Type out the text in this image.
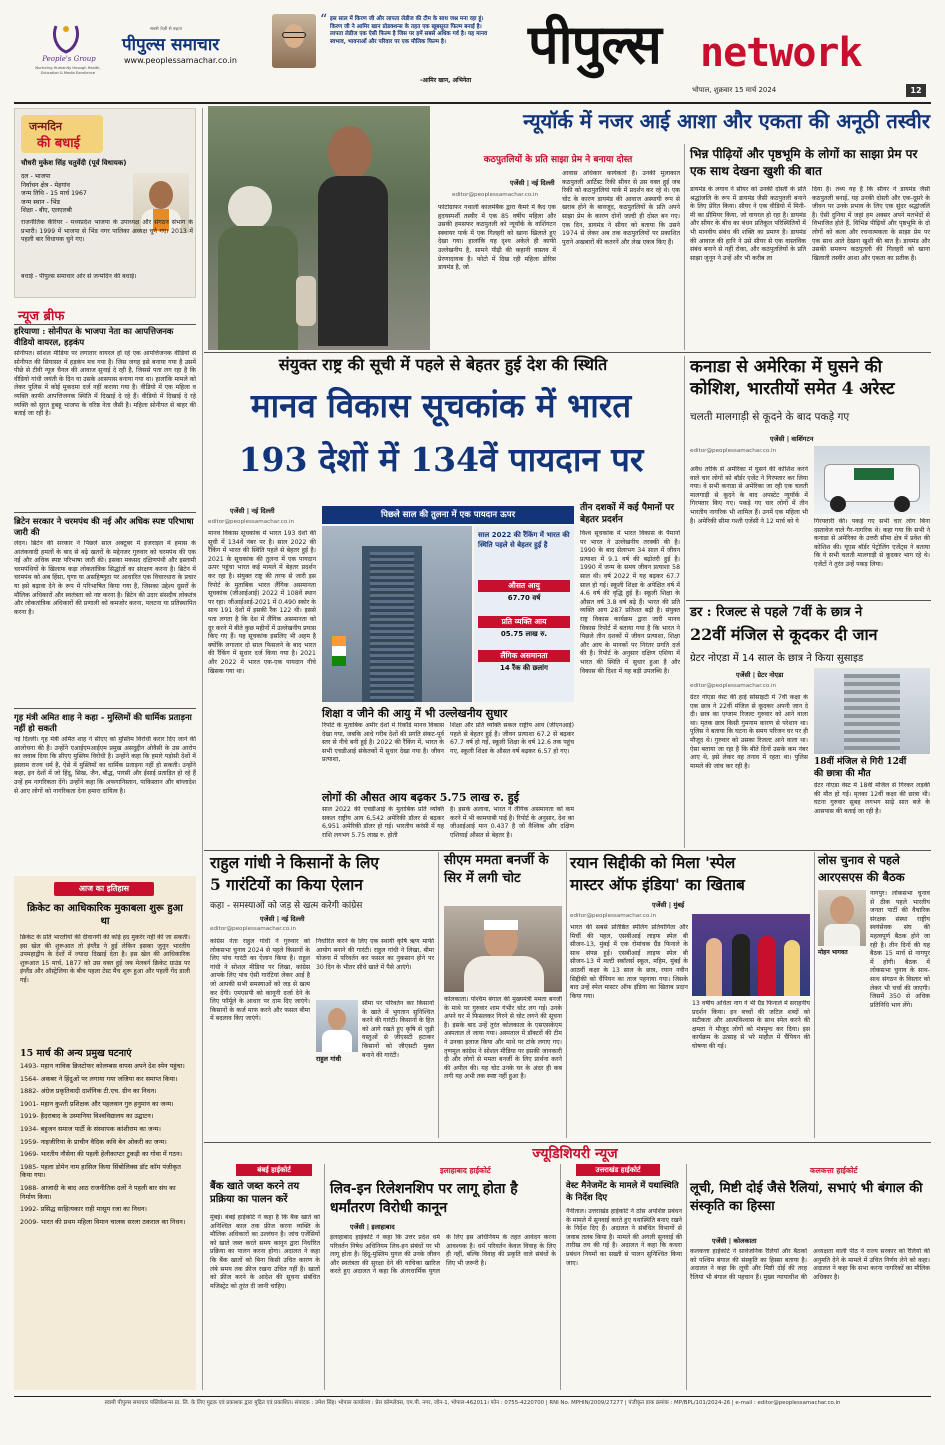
People's Group
Nurturing Humanity through Health, Education & Media Excellence
सबसे तेज़ी से बढ़ता
पीपुल्स समाचार
www.peoplessamachar.co.in
“ इस साल में किरण जी और लापता लेडीज की टीम के साथ जश्न मना रहा हूं। किरण जी ने आमिर खान प्रोडक्शन्स के तहत एक खूबसूरत फिल्म बनाई है। लापता लेडीज एक ऐसी फिल्म है जिस पर हमें सबसे अधिक गर्व है। यह मानव स्वभाव, भावनाओं और परिवार पर एक मौलिक फिल्म है।
-आमिर खान, अभिनेता
पीपुल्स network
भोपाल, शुक्रवार 15 मार्च 2024	12
जन्मदिन
की बधाई
चौधरी मुकेश सिंह चतुर्वेदी (पूर्व विधायक)
दल - भाजपा
निर्वाचन क्षेत्र - मेहगांव
जन्म तिथि - 15 मार्च 1967
जन्म स्थान - भिंड
शिक्षा - बीए, एलएलबी
राजनीतिक कॅरियर - मध्यप्रदेश भाजपा के उपाध्यक्ष और संगठन संभाग के प्रभारी। 1999 में भाजपा से भिंड नगर पालिका अध्यक्ष चुने गए। 2013 में पहली बार विधायक चुने गए।
बधाई - पीपुल्स समाचार ओर से जन्मदिन की बधाई।
न्यूज ब्रीफ
हरियाणा : सोनीपत के भाजपा नेता का आपत्तिजनक वीडियो वायरल, हड़कंप
सोनीपत। सोशल मीडिया पर लगातार वायरल हो रहे एक आपत्तिजनक वीडियो से सोनीपत की सियासत में हड़कंप मच गया है। जिस जगह इसे बनाया गया है उसमें पीछे से टीवी न्यूज चैनल की आवाज सुनाई दे रही है, जिससे पता लग रहा है कि वीडियो गांधी जयंती के दिन या उसके आसपास बनाया गया था। हालांकि मामले को लेकर पुलिस में कोई मुकदमा दर्ज नहीं कराया गया है। वीडियो में एक महिला व व्यक्ति काफी आपत्तिजनक स्थिति में दिखाई दे रहे हैं। वीडियो में दिखाई दे रहे व्यक्ति को सुरत हुबहू भाजपा के वरिष्ठ नेता जैसी है। महिला सोनीपत से बाहर की बताई जा रही है।
ब्रिटेन सरकार ने चरमपंथ की नई और अधिक स्पष्ट परिभाषा जारी की
लंदन। ब्रिटेन की सरकार ने पिछले साल अक्टूबर में इजराइल में हमास के आतंकवादी हमलों के बाद से बढ़े खतरों के मद्देनजर गुरुवार को चरमपंथ की एक नई और अधिक स्पष्ट परिभाषा जारी की। इसका मकसद दक्षिणपंथी और इस्लामी चरमपंथियों के खिलाफ कड़ा लोकतांत्रिक सिद्धांतों का संरक्षण करना है। ब्रिटेन में चरमपंथ को अब हिंसा, घृणा या असहिष्णुता पर आधारित एक विचारधारा के प्रचार या इसे बढ़ावा देने के रूप में परिभाषित किया गया है, जिसका उद्देश्य दूसरों के मौलिक अधिकारों और स्वतंत्रता को नष्ट करना है। ब्रिटेन की उदार संसदीय लोकतंत्र और लोकतांत्रिक अधिकारों की प्रणाली को कमजोर करना, पलटना या प्रतिस्थापित करना है।
गृह मंत्री अमित शाह ने कहा - मुस्लिमों की धार्मिक प्रताड़ना नहीं हो सकती
नई दिल्ली। गृह मंत्री अमित शाह ने सीएए को मुस्लिम विरोधी करार दिए जाने की आलोचना की है। उन्होंने एआईएमआईएम प्रमुख असदुद्दीन ओवैसी के उस आरोप का जवाब दिया कि सीएए मुस्लिम विरोधी है। उन्होंने कहा कि हमारे पड़ोसी देशों में इस्लाम राज्य धर्म है, ऐसे में मुस्लिमों का धार्मिक प्रताड़ना नहीं हो सकती। उन्होंने कहा, इन देशों में जो हिंदू, सिख, जैन, बौद्ध, पारसी और ईसाई प्रताड़ित हो रहे हैं उन्हें हम नागरिकता देंगे। उन्होंने कहा कि अफगानिस्तान, पाकिस्तान और बांग्लादेश से आए लोगों को नागरिकता देना हमारा दायित्व है।
आज का इतिहास
क्रिकेट का आधिकारिक मुकाबला शुरू हुआ था
क्रिकेट के प्रति भारतीयों की दीवानगी की कोई हद मुकर्रर नहीं की जा सकती। इस खेल की शुरूआत तो इंग्लैंड ने हुई लेकिन इसका जुनून भारतीय उपमहाद्वीप के देशों में ज्यादा दिखाई देता है। इस खेल की आधिकारिक शुरूआत 15 मार्च, 1877 को उस वक्त हुई जब मेलबर्न क्रिकेट ग्राउंड पर इंग्लैंड और ऑस्ट्रेलिया के बीच पहला टेस्ट मैच शुरू हुआ और पहली गेंद डाली गई।
15 मार्च की अन्य प्रमुख घटनाएं
1493- महान नाविक क्रिस्टोफर कोलम्बस वापस अपने देश स्पेन पहुंचा।
1564- अकबर ने हिंदुओं पर लगाया गया जजिया कर समाप्त किया।
1882- अंग्रेज प्रकृतिवादी दार्शनिक टी.एच. ग्रीन का निधन।
1901- महान कुश्ती प्रशिक्षक और पहलवान गुरु हनुमान का जन्म।
1919- हैदराबाद के उस्मानिया विश्वविद्यालय का उद्घाटन।
1934- बहुजन समाज पार्टी के संस्थापक कांशीराम का जन्म।
1959- नाइजीरिया के प्राचीन वैदिक कवि बेन ओकरी का जन्म।
1969- भारतीय नौसेना की पहली हेलीकाप्टर टुकड़ी का गोवा में गठन।
1985- पहला डोमेन नाम हासिल किया सिंबोलिक्स डॉट कॉम पंजीकृत किया गया।
1988- आजादी के बाद आठ राजनीतिक दलों ने पहली बार संघ का निर्माण किया।
1992- प्रसिद्ध साहित्यकार राही मासूम रजा का निधन।
2009- भारत की प्रथम महिला विमान चालक सरला ठकराल का निधन।
न्यूयॉर्क में नजर आई आशा और एकता की अनूठी तस्वीर
कठपुतलियों के प्रति साझा प्रेम ने बनाया दोस्त
एजेंसी | नई दिल्ली
editor@peoplessamachar.co.in
फोटोग्राफर नथाली कालमेबैक द्वारा कैमरे में कैद एक हृदयस्पर्शी तस्वीर में एक 85 वर्षीय महिला और उसकी हमसफर कठपुतली को न्यूयॉर्क के वाशिंगटन स्क्वायर पार्क में एक गिलहरी को खाना खिलाते हुए देखा गया। हालांकि यह दृश्य अकेले ही काफी उल्लेखनीय है, सामने पीढ़ी की कहानी वास्तव में प्रेरणादायक है। फोटो में दिख रही महिला डोरिस डायमंड है, जो
आवास अधिकार कार्यकर्ता हैं। उनकी मुलाकात कठपुतली आर्टिस्ट रिकी सीयर से उस वक्त हुई जब रिकी को कठपुतलियां पार्क में प्रदर्शन कर रहे थे। एक चोट के कारण डायमंड की आवाज अस्थायी रूप से खराब होने के बावजूद, कठपुतलियों के प्रति अपने साझा प्रेम के कारण दोनों जल्दी ही दोस्त बन गए। एक दिन, डायमंड ने सीयर को बताया कि उसने 1974 से लेकर अब तक कठपुतलियों पर प्रकाशित पुराने अखबारों की कतरनें और लेख एकत्र किए हैं।
भिन्न पीढ़ियों और पृष्ठभूमि के लोगों का साझा प्रेम पर एक साथ देखना खुशी की बात
डायमंड के लगाव ने सीयर को उनकी दोस्ती के प्रति श्रद्धांजलि के रूप में डायमंड जैसी कठपुतली बनाने के लिए प्रेरित किया। सीयर ने एक वीडियो में मिनी-मी का प्रीमियर किया, जो वायरल हो रहा है। डायमंड और सीयर के बीच का बंधन प्रतिकूल परिस्थितियों में भी मानवीय संबंध की शक्ति का प्रमाण है। डायमंड की आवाज की हानि ने उसे सीयर से एक वास्तविक संबंध बनाने से नहीं रोका, और कठपुतलियों के प्रति साझा जुनून ने उन्हें और भी करीब ला
दिया है। तथ्य यह है कि सीयर ने डायमंड जैसी कठपुतली बनाई, यह उनकी दोस्ती और एक-दूसरे के जीवन पर उनके प्रभाव के लिए एक सुंदर श्रद्धांजलि है। ऐसी दुनिया में जहां हम अक्सर अपने मतभेदों से विभाजित होते हैं, विभिन्न पीढ़ियों और पृष्ठभूमि के दो लोगों को कला और रचनात्मकता के साझा प्रेम पर एक साथ आते देखना खुशी की बात है। डायमंड और उसकी समरूप कठपुतली की गिलहरी को खाना खिलाती तस्वीर आशा और एकता का प्रतीक है।
संयुक्त राष्ट्र की सूची में पहले से बेहतर हुई देश की स्थिति
मानव विकास सूचकांक में भारत
193 देशों में 134वें पायदान पर
एजेंसी | नई दिल्ली
editor@peoplessamachar.co.in
मानव विकास सूचकांक में भारत 193 देशों की सूची में 134वें नंबर पर है। साल 2022 की रैंकिंग में भारत की स्थिति पहले से बेहतर हुई है। 2021 के सूचकांक की तुलना में एक पायदान ऊपर पहुंचा भारत कई मामले में बेहतर प्रदर्शन कर रहा है। संयुक्त राष्ट्र की तरफ से जारी इस रिपोर्ट के मुताबिक भारत लैंगिक असमानता सूचकांक (जीआईआई) 2022 में 108वें स्थान पर रहा। जीआईआई-2021 में 0.490 स्कोर के साथ 191 देशों में इसकी रैंक 122 थी। इससे पता लगता है कि देश में लैंगिक असमानता को दूर करने में बीते कुछ महीनों में उल्लेखनीय प्रयास किए गए हैं। यह सूचकांक इसलिए भी अहम है क्योंकि लगातार दो साल फिसलने के बाद भारत की रैंकिंग में सुधार दर्ज किया गया है। 2021 और 2022 में भारत एक-एक पायदान नीचे खिसक गया था।
पिछले साल की तुलना में एक पायदान ऊपर
साल 2022 की रैंकिंग में भारत की स्थिति पहले से बेहतर हुई है
औसत आयु
67.70 वर्ष
प्रति व्यक्ति आय
05.75 लाख रु.
लैंगिक असमानता
14 रैंक की छलांग
शिक्षा व जीने की आयु में भी उल्लेखनीय सुधार
रिपोर्ट के मुताबिक अमीर देशों में रिकॉर्ड मानव विकास देखा गया, जबकि आधे गरीब देशों की प्रगति संकट-पूर्व स्तर से नीचे बनी हुई है। 2022 की रैंकिंग में, भारत के सभी एचडीआई संकेतकों में सुधार देखा गया है। जीवन प्रत्याशा,
शिक्षा और प्रति व्यक्ति सकल राष्ट्रीय आय (जीएनआई) पहले से बेहतर हुई है। जीवन प्रत्याशा 67.2 से बढ़कर 67.7 वर्ष हो गई, स्कूली शिक्षा के वर्ष 12.6 तक पहुंच गए, स्कूली शिक्षा के औसत वर्ष बढ़कर 6.57 हो गए।
लोगों की औसत आय बढ़कर 5.75 लाख रु. हुई
साल 2022 की एचडीआई के मुताबिक प्रति व्यक्ति सकल राष्ट्रीय आय 6,542 अमेरिकी डॉलर से बढ़कर 6,951 अमेरिकी डॉलर हो गई। भारतीय करंसी में यह राशि लगभग 5.75 लाख रु. होती
है। इसके अलावा, भारत ने लैंगिक असमानता को कम करने में भी कामयाबी पाई है। रिपोर्ट के अनुसार, देश का जीआईआई मान 0.437 है जो वैश्विक और दक्षिण एशियाई औसत से बेहतर है।
तीन दशकों में कई पैमानों पर बेहतर प्रदर्शन
विश्व सूचकांक में भारत विकास के पैमानों पर भारत ने उल्लेखनीय तरक्की की है। 1990 के बाद सेलाभग 34 साल में जीवन प्रत्याशा में 9.1 वर्ष की बढ़ोतरी हुई है। 1990 में जन्म के समय जीवन प्रत्याशा 58 साल थी। वर्ष 2022 में यह बढ़कर 67.7 साल हो गई। स्कूली शिक्षा के अपेक्षित वर्ष में 4.6 वर्ष की वृद्धि हुई है। स्कूली शिक्षा के औसत वर्ष 3.8 वर्ष बढ़े हैं। भारत की प्रति व्यक्ति आय 287 प्रतिशत बढ़ी है। संयुक्त राष्ट्र विकास कार्यक्रम द्वारा जारी मानव विकास रिपोर्ट में बताया गया है कि भारत ने पिछले तीन दशकों में जीवन प्रत्याशा, शिक्षा और आय के मानकों पर निरंतर प्रगति दर्ज की है। रिपोर्ट के अनुसार दक्षिण एशिया में भारत की स्थिति में सुधार हुआ है और विकास की दिशा में यह बड़ी उपलब्धि है।
कनाडा से अमेरिका में घुसने की कोशिश, भारतीयों समेत 4 अरेस्ट
चलती मालगाड़ी से कूदने के बाद पकड़े गए
एजेंसी | वाशिंगटन
editor@peoplessamachar.co.in
अवैध तरीके से अमेरिका में घुसने की कोशिश करने वाले चार लोगों को बॉर्डर एजेंट ने गिरफ्तार कर लिया गया। वे सभी कनाडा से अमेरिका जा रही एक चलती मालगाड़ी से कूदने के बाद अपस्टेट न्यूयॉर्क में गिरफ्तार किए गए। पकड़े गए चार लोगों में तीन भारतीय नागरिक भी शामिल हैं। उनमें एक महिला भी है। अमेरिकी सीमा गश्ती एजेंसी ने 12 मार्च को ये	गिरफ्तारी की। पकड़े गए सभी चार लोग बिना दस्तावेज वाले गैर-नागरिक थे। कहा गया कि सभी ने कनाडा से अमेरिका के उत्तरी सीमा क्षेत्र में प्रवेश की कोशिश की। यूएस बॉर्डर पेट्रोलिंग एजेंट्स ने बताया कि ये सभी चलती मालगाड़ी से कूदकर भाग रहे थे। एजेंटों ने तुरंत उन्हें पकड़ लिया।
डर : रिजल्ट से पहले 7वीं के छात्र ने
22वीं मंजिल से कूदकर दी जान
ग्रेटर नोएडा में 14 साल के छात्र ने किया सुसाइड
एजेंसी | ग्रेटर नोएडा
editor@peoplessamachar.co.in
ग्रेटर नोएडा वेस्ट की हाई सोसाइटी में 7वीं कक्षा के एक छात्र ने 22वीं मंजिल से कूदकर अपनी जान दे दी। छात्र का एग्जाम रिजल्ट गुरुवार को आने वाला था। मृतक छात्र किसी गुमनाम कारण से परेशान था। पुलिस ने बताया कि घटना के समय परिजन घर पर ही मौजूद थे। गुरुवार को उसका रिजल्ट आने वाला था। ऐसा बताया जा रहा है कि बीते दिनों उसके कम नंबर आए थे, इसे लेकर वह तनाव में रहता था। पुलिस मामले की जांच कर रही है।	18वीं मंजिल से गिरी 12वीं
की छात्रा की मौत
ग्रेटर नोएडा वेस्ट में 18वीं मंजिल से गिरकर लड़की की मौत हो गई। मृतका 12वीं कक्षा की छात्रा थी। घटना गुरुवार सुबह लगभग साढ़े सात बजे के आसपास की बताई जा रही है।
राहुल गांधी ने किसानों के लिए
5 गारंटियों का किया ऐलान
कहा - समस्याओं को जड़ से खत्म करेगी कांग्रेस
एजेंसी | नई दिल्ली
editor@peoplessamachar.co.in
कांग्रेस नेता राहुल गांधी ने गुरुवार को लोकसभा चुनाव 2024 से पहले किसानों के लिए पांच गारंटी का ऐलान किया है। राहुल गांधी ने सोशल मीडिया पर लिखा, कांग्रेस आपके लिए पांच ऐसी गारंटियां लेकर आई है जो आपकी सभी समस्याओं को जड़ से खत्म कर देंगी। एमएसपी को कानूनी दर्जा देने के लिए फॉर्मूले के आधार पर दाम दिए जाएंगे। किसानों के कर्ज माफ करने और फसल बीमा में बदलाव किए जाएंगे।
निर्धारित करने के लिए एक स्थायी कृषि ऋण माफी आयोग बनाने की गारंटी। राहुल गांधी ने लिखा, बीमा योजना में परिवर्तन कर फसल का नुकसान होने पर 30 दिन के भीतर सीधे खाते में पैसे आएंगे।
राहुल गांधी
सीमा पर परिवर्तन कर किसानों के खाते में भुगतान सुनिश्चित करने की गारंटी। किसानों के हित को आगे रखते हुए कृषि से जुड़ी वस्तुओं से जीएसटी हटाकर किसानों को जीएसटी मुक्त बनाने की गारंटी।
सीएम ममता बनर्जी के सिर में लगी चोट
कोलकाता। पश्चिम बंगाल की मुख्यमंत्री ममता बनर्जी के माथे पर गुरुवार शाम गंभीर चोट लग गई। उनके अपने घर में फिसलकर गिरने से चोट लगने की सूचना है। इसके बाद उन्हें तुरंत कोलकाता के एसएसकेएम अस्पताल ले जाया गया। अस्पताल में डॉक्टरों की टीम ने उनका इलाज किया और माथे पर टांके लगाए गए। तृणमूल कांग्रेस ने सोशल मीडिया पर इसकी जानकारी दी और लोगों से ममता बनर्जी के लिए प्रार्थना करने की अपील की। यह चोट उनके घर के अंदर ही कब लगी यह अभी तक स्पष्ट नहीं हुआ है।
रयान सिद्दीकी को मिला 'स्पेल
मास्टर ऑफ इंडिया' का खिताब
एजेंसी | मुंबई
editor@peoplessamachar.co.in
भारत की सबसे प्रतिष्ठित स्पेलिंग प्रतियोगिता और मिर्ची की पहल, एसबीआई लाइफ स्पेल बी सीजन-13, मुंबई में एक रोमांचक ग्रैंड फिनाले के साथ संपन्न हुई। एसबीआई लाइफ स्पेल बी सीजन-13 में मल्टी स्कॉलर्स स्कूल, महिम, मुंबई के आठवीं कक्षा के 13 साल के छात्र, रयान नवीन सिद्दीकी को चैंपियन का ताज पहनाया गया। जिसके बाद उन्हें स्पेल मास्टर ऑफ इंडिया का खिताब प्रदान किया गया।
13 वर्षीय अधिता नाग ने भी ग्रैंड फिनाले में सराहनीय प्रदर्शन किया। इन बच्चों की जटिल शब्दों को सटीकता और आत्मविश्वास के साथ स्पेल करने की क्षमता ने मौजूद लोगों को मंत्रमुग्ध कर दिया। इस कार्यक्रम के उत्साह से भरे माहौल में चैंपियन की घोषणा की गई।
लोस चुनाव से पहले आरएसएस की बैठक
मोहन भागवत
नागपुर। लोकसभा चुनाव से ठीक पहले भारतीय जनता पार्टी की वैचारिक संरक्षक संस्था राष्ट्रीय स्वयंसेवक संघ की महत्वपूर्ण बैठक होने जा रही है। तीन दिनों की यह बैठक 15 मार्च से नागपुर में होगी। बैठक में लोकसभा चुनाव के साथ-साथ संगठन के विस्तार को लेकर भी चर्चा की जाएगी। जिसमें 350 से अधिक प्रतिनिधि भाग लेंगे।
ज्यूडिशियरी न्यूज
बंबई हाईकोर्ट
बैंक खाते जब्त करने तय प्रक्रिया का पालन करें
मुंबई। बंबई हाईकोर्ट ने कहा है कि बैंक खाते को अनिश्चित काल तक फ्रीज करना व्यक्ति के मौलिक अधिकारों का उल्लंघन है। जांच एजेंसियों को खाते जब्त करते समय कानून द्वारा निर्धारित प्रक्रिया का पालन करना होगा। अदालत ने कहा कि बैंक खातों को बिना किसी उचित कारण के लंबे समय तक फ्रीज रखना उचित नहीं है। खातों को फ्रीज करने के आदेश की सूचना संबंधित मजिस्ट्रेट को तुरंत दी जानी चाहिए।
इलाहाबाद हाईकोर्ट
लिव-इन रिलेशनशिप पर लागू होता है धर्मांतरण विरोधी कानून
एजेंसी | इलाहाबाद
इलाहाबाद हाईकोर्ट ने कहा कि उत्तर प्रदेश धर्म परिवर्तन निषेध अधिनियम लिव-इन संबंधों पर भी लागू होता है। हिंदू-मुस्लिम युगल की उनके जीवन और स्वतंत्रता की सुरक्षा देने की याचिका खारिज करते हुए अदालत ने कहा कि अंतरधार्मिक युगल के लिए इस अधिनियम के तहत आवेदन करना आवश्यक है। धर्म परिवर्तन केवल विवाह के लिए ही नहीं, बल्कि विवाह की प्रकृति वाले संबंधों के लिए भी जरूरी है।
उत्तराखंड हाईकोर्ट
वेस्ट मैनेजमेंट के मामले में यथास्थिति के निर्देश दिए
नैनीताल। उत्तराखंड हाईकोर्ट ने ठोस अपशिष्ट प्रबंधन के मामले में सुनवाई करते हुए यथास्थिति बनाए रखने के निर्देश दिए हैं। अदालत ने संबंधित विभागों से जवाब तलब किया है। मामले की अगली सुनवाई की तारीख तय की गई है। अदालत ने कहा कि कचरा प्रबंधन नियमों का सख्ती से पालन सुनिश्चित किया जाए।
कलकत्ता हाईकोर्ट
लूची, मिष्टी दोई जैसे रैलियां, सभाएं भी बंगाल की संस्कृति का हिस्सा
एजेंसी | कोलकाता
कलकत्ता हाईकोर्ट ने सार्वजनिक रैलियों और बैठकों को पश्चिम बंगाल की संस्कृति का हिस्सा बताया है। अदालत ने कहा कि लूची और मिष्टी दोई की तरह रैलियां भी बंगाल की पहचान हैं। मुख्य न्यायाधीश की अध्यक्षता वाली पीठ ने राज्य सरकार को रैलियों की अनुमति देने के मामले में उचित निर्णय लेने को कहा। अदालत ने कहा कि सभा करना नागरिकों का मौलिक अधिकार है।
स्वामी पीपुल्स समाचार पब्लिकेशन्स प्रा. लि. के लिए मुद्रक एवं प्रकाशक द्वारा मुद्रित एवं प्रकाशित। संपादक : उमेश सिंह। भोपाल कार्यालय : प्रेस कॉम्प्लेक्स, एम.पी. नगर, जोन-1, भोपाल-462011। फोन : 0755-4220700 | RNI No. MPHIN/2009/27277 | पंजीकृत डाक क्रमांक : MP/BPL/101/2024-26 | e-mail : editor@peoplessamachar.co.in
